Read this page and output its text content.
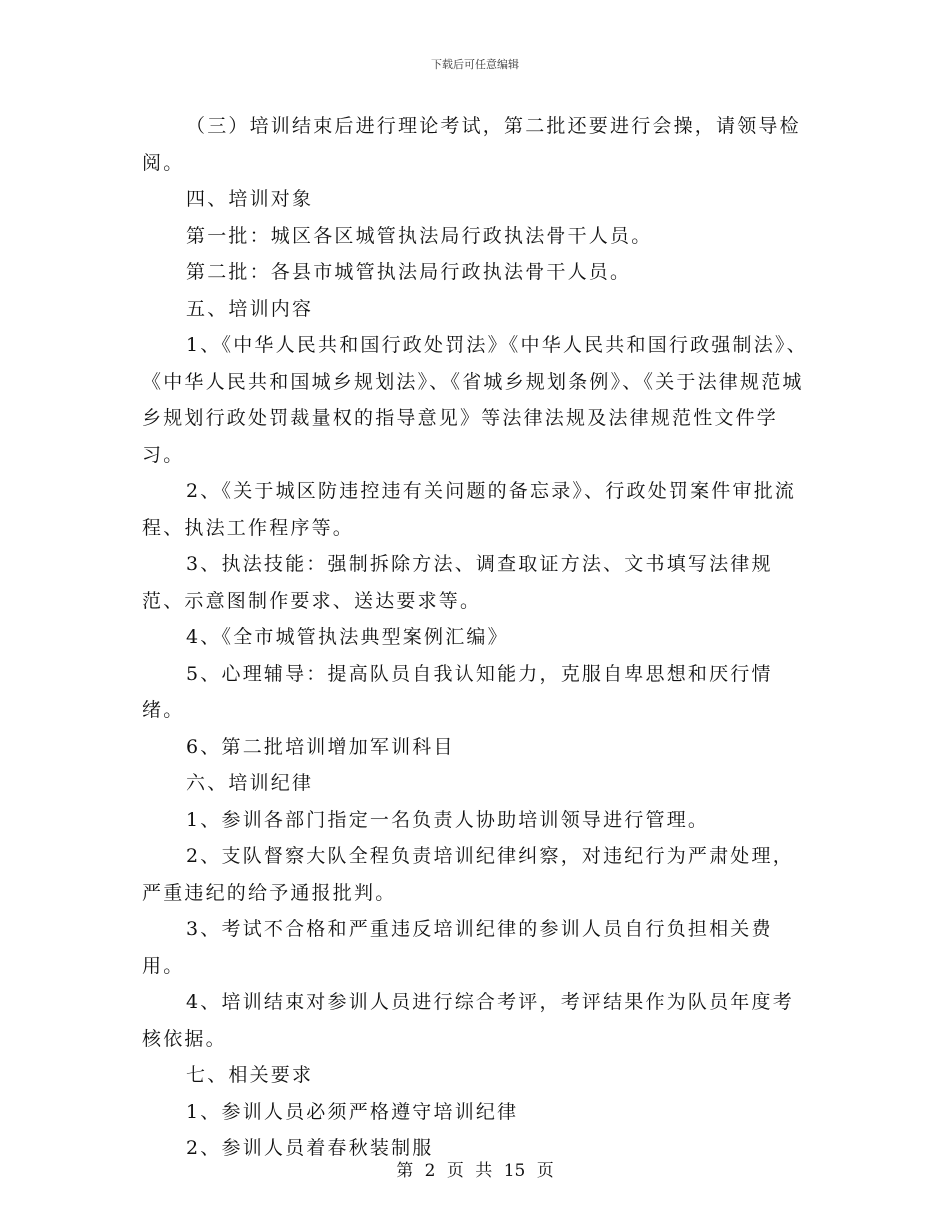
下载后可任意编辑

（三）培训结束后进行理论考试，第二批还要进行会操，请领导检阅。

四、培训对象

第一批：城区各区城管执法局行政执法骨干人员。

第二批：各县市城管执法局行政执法骨干人员。

五、培训内容

1、《中华人民共和国行政处罚法》《中华人民共和国行政强制法》、《中华人民共和国城乡规划法》、《省城乡规划条例》、《关于法律规范城乡规划行政处罚裁量权的指导意见》等法律法规及法律规范性文件学习。

2、《关于城区防违控违有关问题的备忘录》、行政处罚案件审批流程、执法工作程序等。

3、执法技能：强制拆除方法、调查取证方法、文书填写法律规范、示意图制作要求、送达要求等。

4、《全市城管执法典型案例汇编》

5、心理辅导：提高队员自我认知能力，克服自卑思想和厌行情绪。

6、第二批培训增加军训科目

六、培训纪律

1、参训各部门指定一名负责人协助培训领导进行管理。

2、支队督察大队全程负责培训纪律纠察，对违纪行为严肃处理，严重违纪的给予通报批判。

3、考试不合格和严重违反培训纪律的参训人员自行负担相关费用。

4、培训结束对参训人员进行综合考评，考评结果作为队员年度考核依据。

七、相关要求

1、参训人员必须严格遵守培训纪律

2、参训人员着春秋装制服

第 2 页 共 15 页
